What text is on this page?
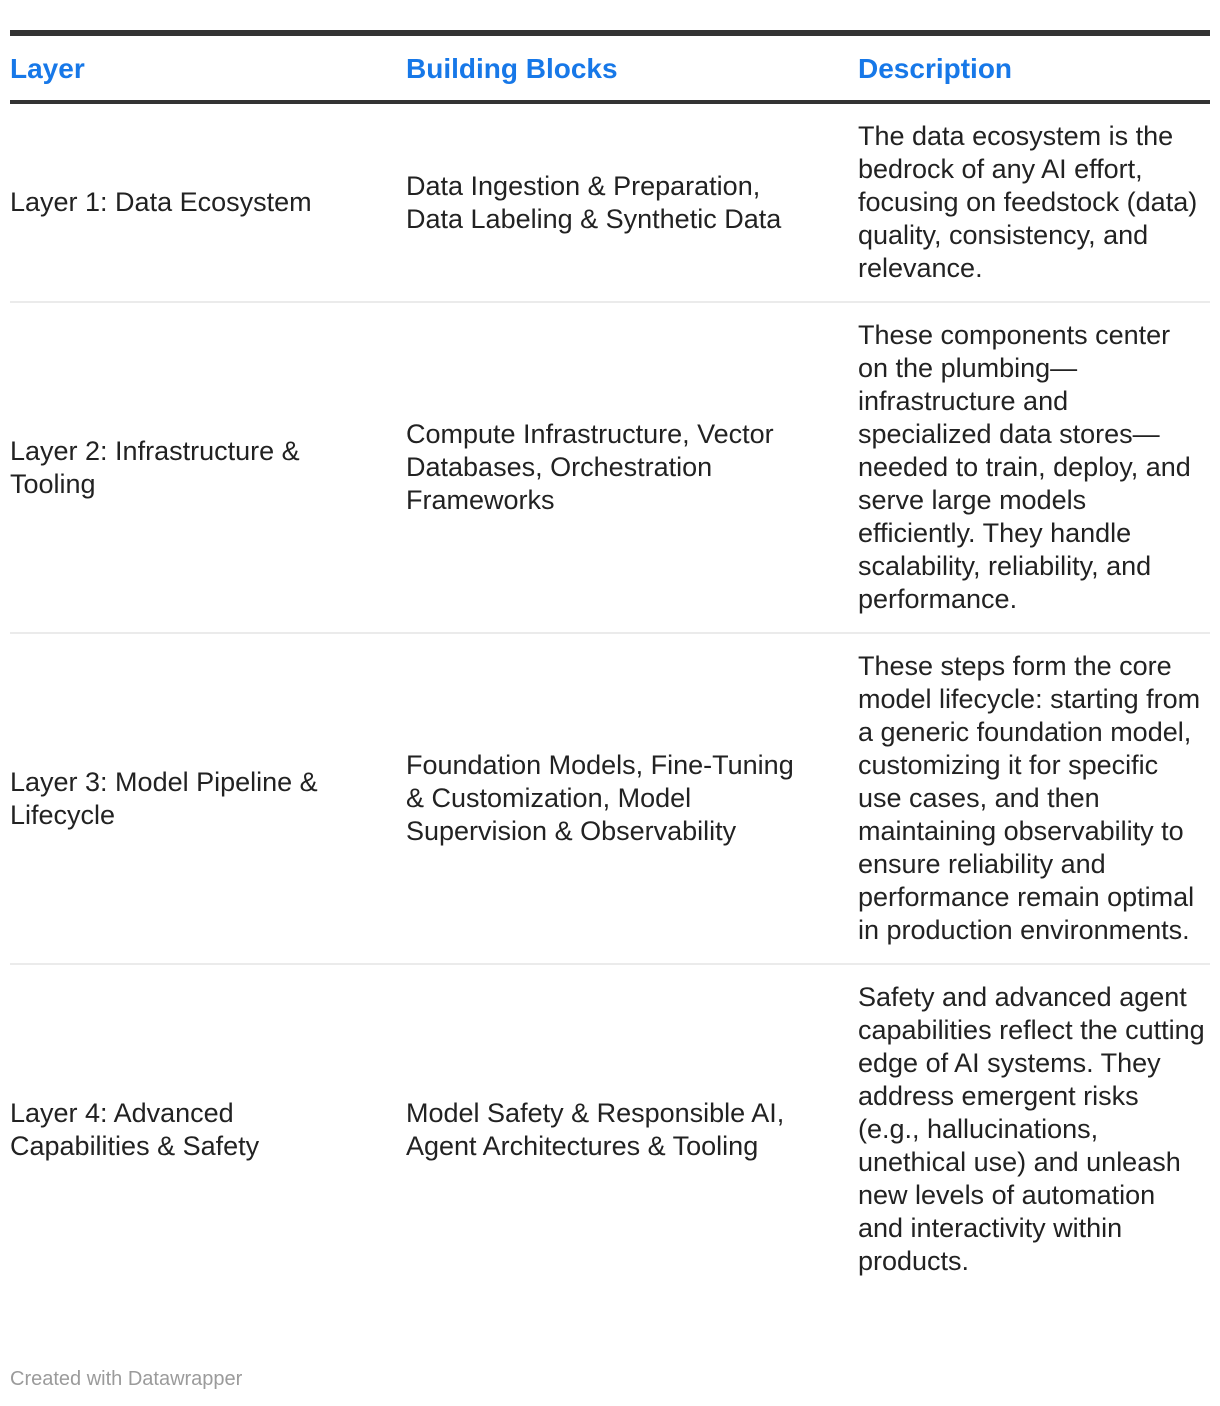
Layer	Building Blocks	Description
Layer 1: Data Ecosystem	Data Ingestion & Preparation, Data Labeling & Synthetic Data	The data ecosystem is the bedrock of any AI effort, focusing on feedstock (data) quality, consistency, and relevance.
Layer 2: Infrastructure & Tooling	Compute Infrastructure, Vector Databases, Orchestration Frameworks	These components center on the plumbing—infrastructure and specialized data stores—needed to train, deploy, and serve large models efficiently. They handle scalability, reliability, and performance.
Layer 3: Model Pipeline & Lifecycle	Foundation Models, Fine-Tuning & Customization, Model Supervision & Observability	These steps form the core model lifecycle: starting from a generic foundation model, customizing it for specific use cases, and then maintaining observability to ensure reliability and performance remain optimal in production environments.
Layer 4: Advanced Capabilities & Safety	Model Safety & Responsible AI, Agent Architectures & Tooling	Safety and advanced agent capabilities reflect the cutting edge of AI systems. They address emergent risks (e.g., hallucinations, unethical use) and unleash new levels of automation and interactivity within products.
Created with Datawrapper
